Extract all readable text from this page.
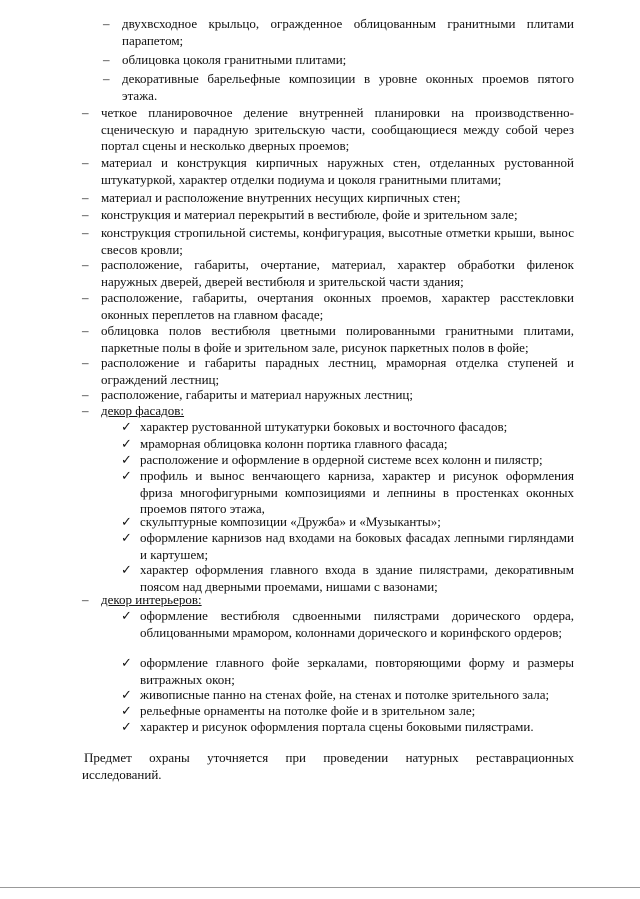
– двухвсходное крыльцо, огражденное облицованным гранитными плитами парапетом;
– облицовка цоколя гранитными плитами;
– декоративные барельефные композиции в уровне оконных проемов пятого этажа.
– четкое планировочное деление внутренней планировки на производственно-сценическую и парадную зрительскую части, сообщающиеся между собой через портал сцены и несколько дверных проемов;
– материал и конструкция кирпичных наружных стен, отделанных рустованной штукатуркой, характер отделки подиума и цоколя гранитными плитами;
– материал и расположение внутренних несущих кирпичных стен;
– конструкция и материал перекрытий в вестибюле, фойе и зрительном зале;
– конструкция стропильной системы, конфигурация, высотные отметки крыши, вынос свесов кровли;
– расположение, габариты, очертание, материал, характер обработки филенок наружных дверей, дверей вестибюля и зрительской части здания;
– расположение, габариты, очертания оконных проемов, характер расстекловки оконных переплетов на главном фасаде;
– облицовка полов вестибюля цветными полированными гранитными плитами, паркетные полы в фойе и зрительном зале, рисунок паркетных полов в фойе;
– расположение и габариты парадных лестниц, мраморная отделка ступеней и ограждений лестниц;
– расположение, габариты и материал наружных лестниц;
– декор фасадов:
✓ характер рустованной штукатурки боковых и восточного фасадов;
✓ мраморная облицовка колонн портика главного фасада;
✓ расположение и оформление в ордерной системе всех колонн и пилястр;
✓ профиль и вынос венчающего карниза, характер и рисунок оформления фриза многофигурными композициями и лепнины в простенках оконных проемов пятого этажа,
✓ скульптурные композиции «Дружба» и «Музыканты»;
✓ оформление карнизов над входами на боковых фасадах лепными гирляндами и картушем;
✓ характер оформления главного входа в здание пилястрами, декоративным поясом над дверными проемами, нишами с вазонами;
– декор интерьеров:
✓ оформление вестибюля сдвоенными пилястрами дорического ордера, облицованными мрамором, колоннами дорического и коринфского ордеров;
✓ оформление главного фойе зеркалами, повторяющими форму и размеры витражных окон;
✓ живописные панно на стенах фойе, на стенах и потолке зрительного зала;
✓ рельефные орнаменты на потолке фойе и в зрительном зале;
✓ характер и рисунок оформления портала сцены боковыми пилястрами.
Предмет охраны уточняется при проведении натурных реставрационных
исследований.
